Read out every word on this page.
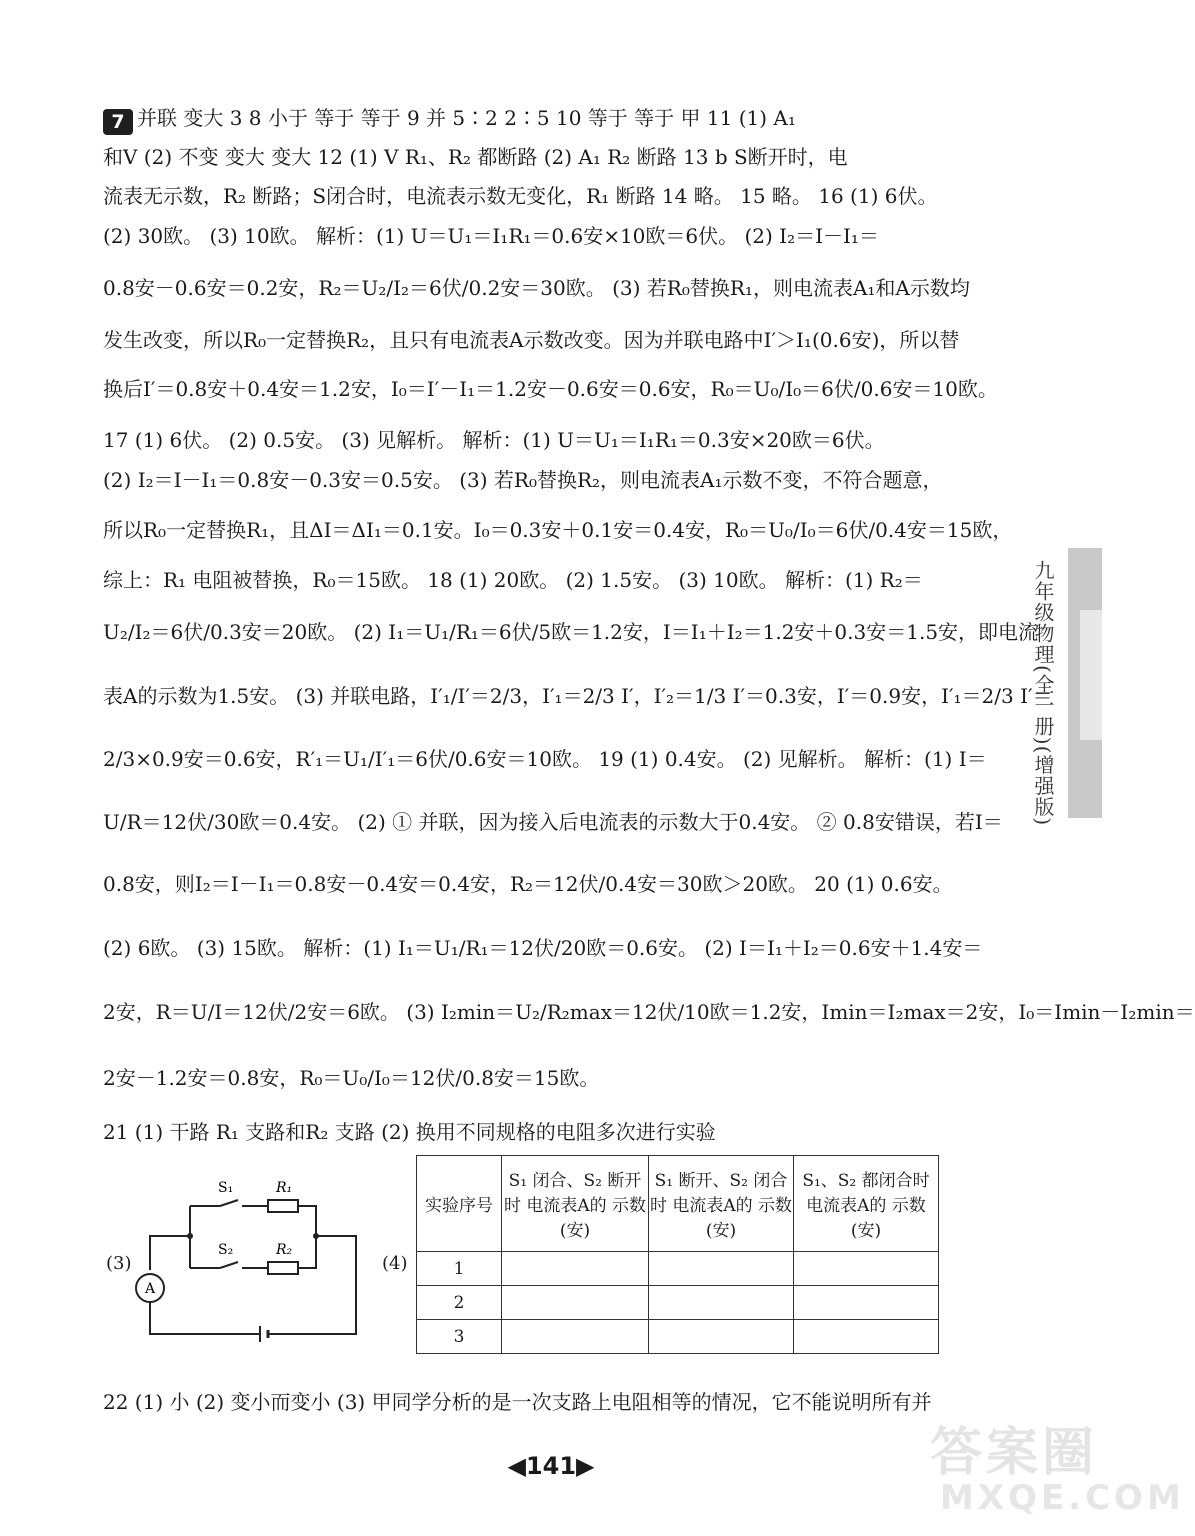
7 并联 变大 3 8 小于 等于 等于 9 并 5∶2 2∶5 10 等于 等于 甲 11 (1) A₁
和V (2) 不变 变大 变大 12 (1) V R₁、R₂ 都断路 (2) A₁ R₂ 断路 13 b S断开时，电
流表无示数，R₂ 断路；S闭合时，电流表示数无变化，R₁ 断路 14 略。 15 略。 16 (1) 6伏。
(2) 30欧。 (3) 10欧。 解析：(1) U＝U₁＝I₁R₁＝0.6安×10欧＝6伏。 (2) I₂＝I－I₁＝
0.8安－0.6安＝0.2安，R₂＝U₂/I₂＝6伏/0.2安＝30欧。 (3) 若R₀替换R₁，则电流表A₁和A示数均
发生改变，所以R₀一定替换R₂，且只有电流表A示数改变。因为并联电路中I′＞I₁(0.6安)，所以替
换后I′＝0.8安＋0.4安＝1.2安，I₀＝I′－I₁＝1.2安－0.6安＝0.6安，R₀＝U₀/I₀＝6伏/0.6安＝10欧。
17 (1) 6伏。 (2) 0.5安。 (3) 见解析。 解析：(1) U＝U₁＝I₁R₁＝0.3安×20欧＝6伏。
(2) I₂＝I－I₁＝0.8安－0.3安＝0.5安。 (3) 若R₀替换R₂，则电流表A₁示数不变，不符合题意，
所以R₀一定替换R₁，且ΔI＝ΔI₁＝0.1安。I₀＝0.3安＋0.1安＝0.4安，R₀＝U₀/I₀＝6伏/0.4安＝15欧，
综上：R₁ 电阻被替换，R₀＝15欧。 18 (1) 20欧。 (2) 1.5安。 (3) 10欧。 解析：(1) R₂＝
U₂/I₂＝6伏/0.3安＝20欧。 (2) I₁＝U₁/R₁＝6伏/5欧＝1.2安，I＝I₁＋I₂＝1.2安＋0.3安＝1.5安，即电流
表A的示数为1.5安。 (3) 并联电路，I′₁/I′＝2/3，I′₁＝2/3 I′，I′₂＝1/3 I′＝0.3安，I′＝0.9安，I′₁＝2/3 I′＝
2/3×0.9安＝0.6安，R′₁＝U₁/I′₁＝6伏/0.6安＝10欧。 19 (1) 0.4安。 (2) 见解析。 解析：(1) I＝
U/R＝12伏/30欧＝0.4安。 (2) ① 并联，因为接入后电流表的示数大于0.4安。 ② 0.8安错误，若I＝
0.8安，则I₂＝I－I₁＝0.8安－0.4安＝0.4安，R₂＝12伏/0.4安＝30欧＞20欧。 20 (1) 0.6安。
(2) 6欧。 (3) 15欧。 解析：(1) I₁＝U₁/R₁＝12伏/20欧＝0.6安。 (2) I＝I₁＋I₂＝0.6安＋1.4安＝
2安，R＝U/I＝12伏/2安＝6欧。 (3) I₂min＝U₂/R₂max＝12伏/10欧＝1.2安，Imin＝I₂max＝2安，I₀＝Imin－I₂min＝
2安－1.2安＝0.8安，R₀＝U₀/I₀＝12伏/0.8安＝15欧。
21 (1) 干路 R₁ 支路和R₂ 支路 (2) 换用不同规格的电阻多次进行实验
(3)	(4)
S₁	R₁
S₂	R₂
A
实验序号	S₁ 闭合、S₂ 断开时 电流表A的 示数(安)	S₁ 断开、S₂ 闭合时 电流表A的 示数(安)	S₁、S₂ 都闭合时 电流表A的 示数(安)
1			
2			
3			
22 (1) 小 (2) 变小而变小 (3) 甲同学分析的是一次支路上电阻相等的情况，它不能说明所有并
九年级物理(全一册)(增强版)
◀141▶	答案圈
MXQE.COM
